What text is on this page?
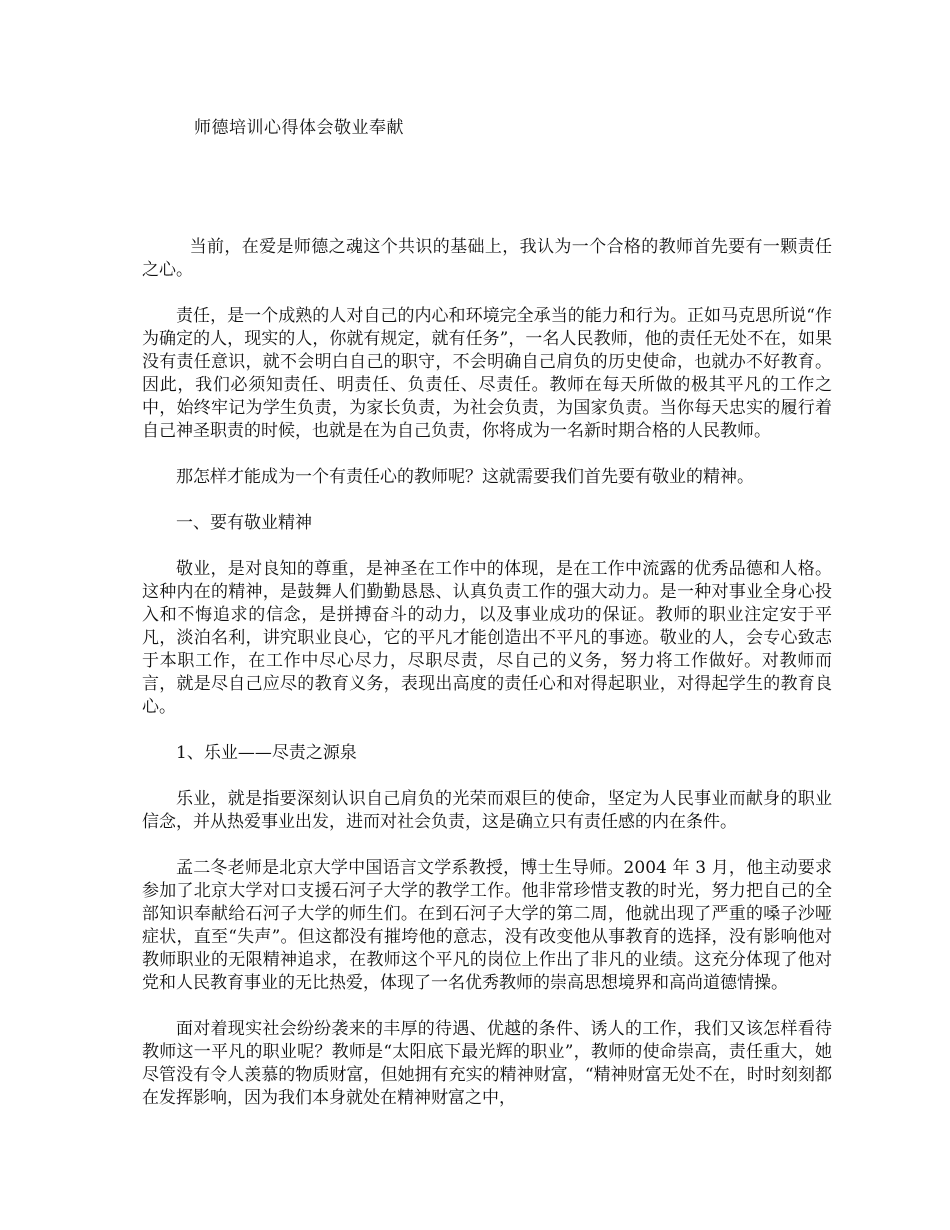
师德培训心得体会敬业奉献

当前，在爱是师德之魂这个共识的基础上，我认为一个合格的教师首先要有一颗责任之心。

责任，是一个成熟的人对自己的内心和环境完全承当的能力和行为。正如马克思所说“作为确定的人，现实的人，你就有规定，就有任务”，一名人民教师，他的责任无处不在，如果没有责任意识，就不会明白自己的职守，不会明确自己肩负的历史使命，也就办不好教育。因此，我们必须知责任、明责任、负责任、尽责任。教师在每天所做的极其平凡的工作之中，始终牢记为学生负责，为家长负责，为社会负责，为国家负责。当你每天忠实的履行着自己神圣职责的时候，也就是在为自己负责，你将成为一名新时期合格的人民教师。

那怎样才能成为一个有责任心的教师呢？这就需要我们首先要有敬业的精神。

一、要有敬业精神

敬业，是对良知的尊重，是神圣在工作中的体现，是在工作中流露的优秀品德和人格。这种内在的精神，是鼓舞人们勤勤恳恳、认真负责工作的强大动力。是一种对事业全身心投入和不悔追求的信念，是拼搏奋斗的动力，以及事业成功的保证。教师的职业注定安于平凡，淡泊名利，讲究职业良心，它的平凡才能创造出不平凡的事迹。敬业的人，会专心致志于本职工作，在工作中尽心尽力，尽职尽责，尽自己的义务，努力将工作做好。对教师而言，就是尽自己应尽的教育义务，表现出高度的责任心和对得起职业，对得起学生的教育良心。

1、乐业——尽责之源泉

乐业，就是指要深刻认识自己肩负的光荣而艰巨的使命，坚定为人民事业而献身的职业信念，并从热爱事业出发，进而对社会负责，这是确立只有责任感的内在条件。

孟二冬老师是北京大学中国语言文学系教授，博士生导师。2004 年 3 月，他主动要求参加了北京大学对口支援石河子大学的教学工作。他非常珍惜支教的时光，努力把自己的全部知识奉献给石河子大学的师生们。在到石河子大学的第二周，他就出现了严重的嗓子沙哑症状，直至“失声”。但这都没有摧垮他的意志，没有改变他从事教育的选择，没有影响他对教师职业的无限精神追求，在教师这个平凡的岗位上作出了非凡的业绩。这充分体现了他对党和人民教育事业的无比热爱，体现了一名优秀教师的崇高思想境界和高尚道德情操。

面对着现实社会纷纷袭来的丰厚的待遇、优越的条件、诱人的工作，我们又该怎样看待教师这一平凡的职业呢？教师是“太阳底下最光辉的职业”，教师的使命崇高，责任重大，她尽管没有令人羡慕的物质财富，但她拥有充实的精神财富，“精神财富无处不在，时时刻刻都在发挥影响，因为我们本身就处在精神财富之中，
